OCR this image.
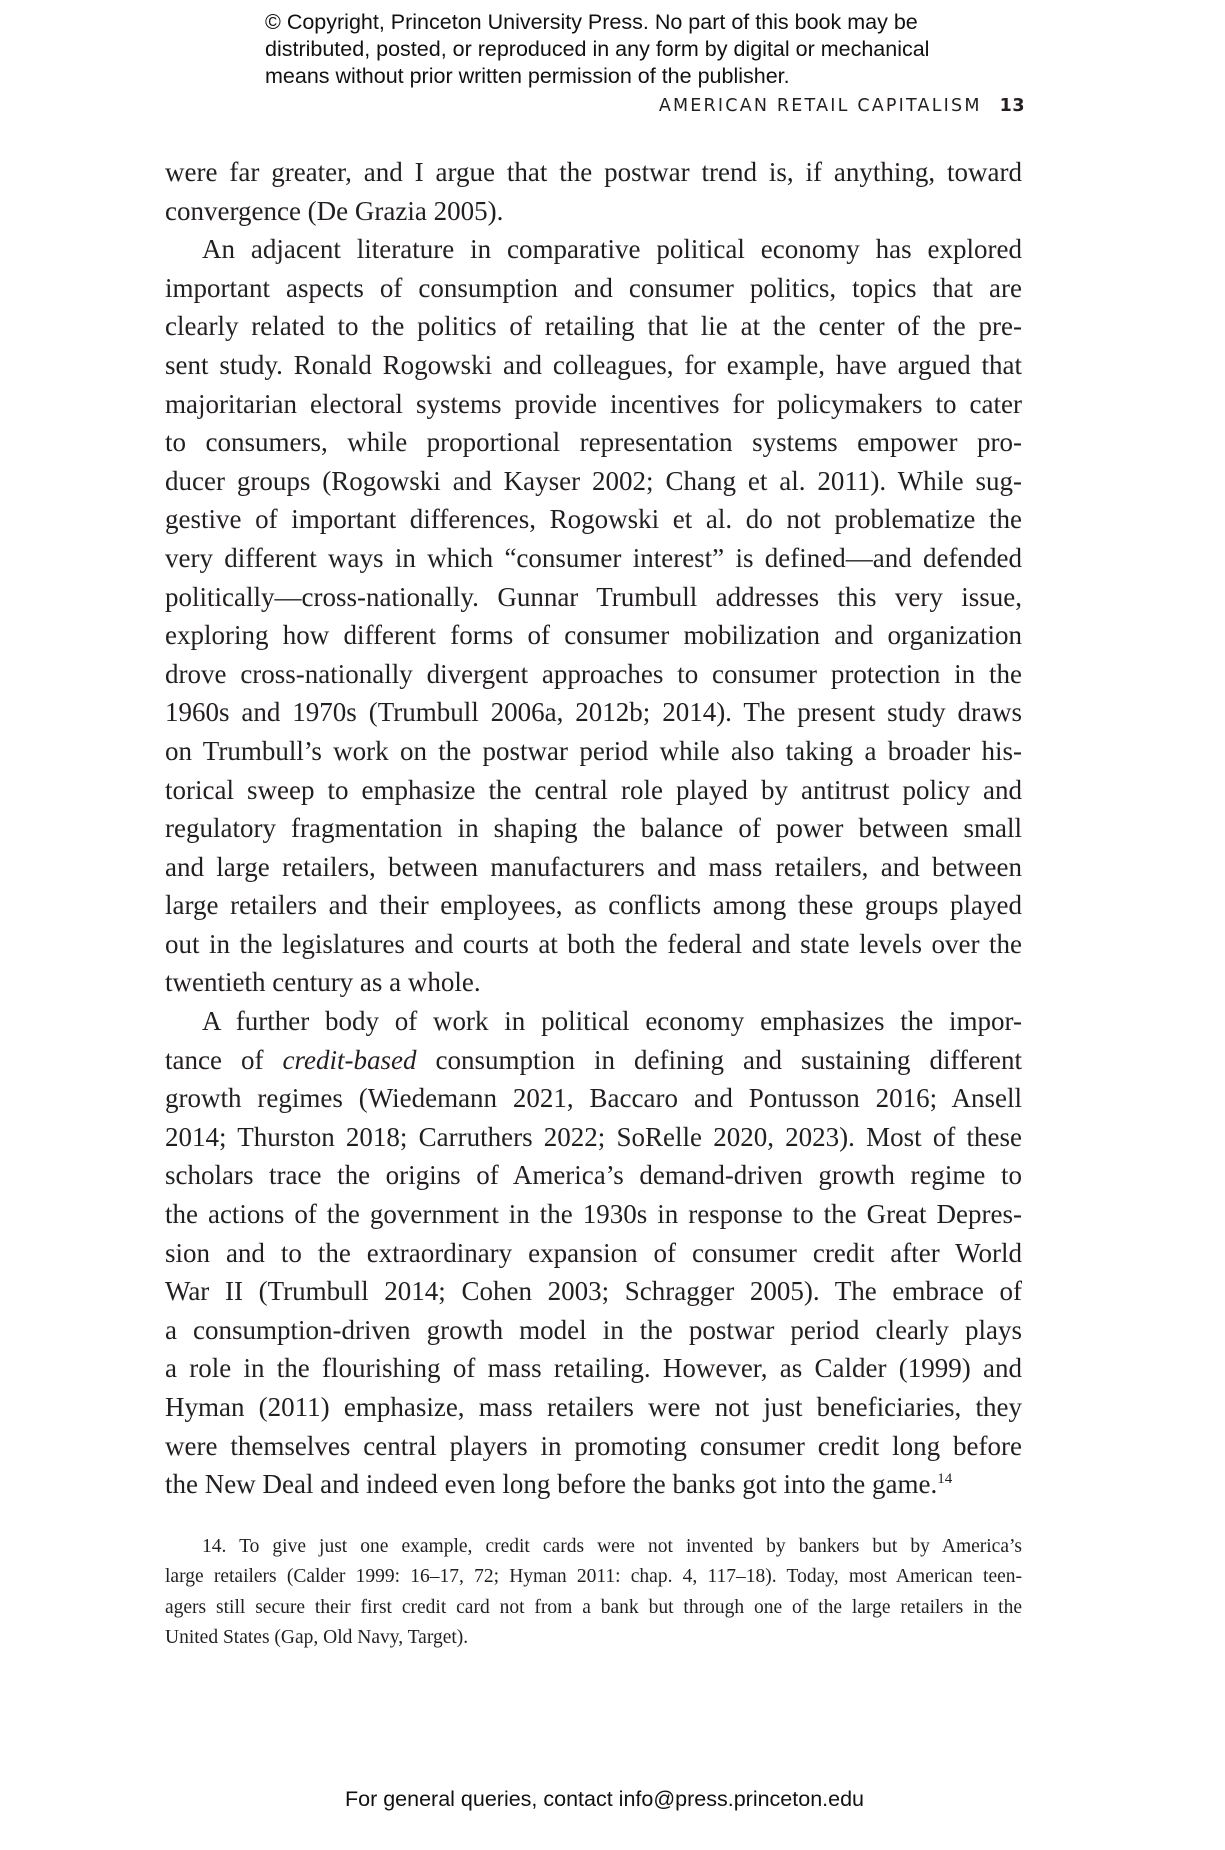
© Copyright, Princeton University Press. No part of this book may be
distributed, posted, or reproduced in any form by digital or mechanical
means without prior written permission of the publisher.
AMERICAN RETAIL CAPITALISM 13
were far greater, and I argue that the postwar trend is, if anything, toward
convergence (De Grazia 2005).
An adjacent literature in comparative political economy has explored
important aspects of consumption and consumer politics, topics that are
clearly related to the politics of retailing that lie at the center of the pre-
sent study. Ronald Rogowski and colleagues, for example, have argued that
majoritarian electoral systems provide incentives for policymakers to cater
to consumers, while proportional representation systems empower pro-
ducer groups (Rogowski and Kayser 2002; Chang et al. 2011). While sug-
gestive of important differences, Rogowski et al. do not problematize the
very different ways in which “consumer interest” is defined—and defended
politically—cross-nationally. Gunnar Trumbull addresses this very issue,
exploring how different forms of consumer mobilization and organization
drove cross-nationally divergent approaches to consumer protection in the
1960s and 1970s (Trumbull 2006a, 2012b; 2014). The present study draws
on Trumbull’s work on the postwar period while also taking a broader his-
torical sweep to emphasize the central role played by antitrust policy and
regulatory fragmentation in shaping the balance of power between small
and large retailers, between manufacturers and mass retailers, and between
large retailers and their employees, as conflicts among these groups played
out in the legislatures and courts at both the federal and state levels over the
twentieth century as a whole.
A further body of work in political economy emphasizes the impor-
tance of credit-based consumption in defining and sustaining different
growth regimes (Wiedemann 2021, Baccaro and Pontusson 2016; Ansell
2014; Thurston 2018; Carruthers 2022; SoRelle 2020, 2023). Most of these
scholars trace the origins of America’s demand-driven growth regime to
the actions of the government in the 1930s in response to the Great Depres-
sion and to the extraordinary expansion of consumer credit after World
War II (Trumbull 2014; Cohen 2003; Schragger 2005). The embrace of
a consumption-driven growth model in the postwar period clearly plays
a role in the flourishing of mass retailing. However, as Calder (1999) and
Hyman (2011) emphasize, mass retailers were not just beneficiaries, they
were themselves central players in promoting consumer credit long before
the New Deal and indeed even long before the banks got into the game.$^{14}$
14. To give just one example, credit cards were not invented by bankers but by America’s
large retailers (Calder 1999: 16–17, 72; Hyman 2011: chap. 4, 117–18). Today, most American teen-
agers still secure their first credit card not from a bank but through one of the large retailers in the
United States (Gap, Old Navy, Target).
For general queries, contact info@press.princeton.edu
